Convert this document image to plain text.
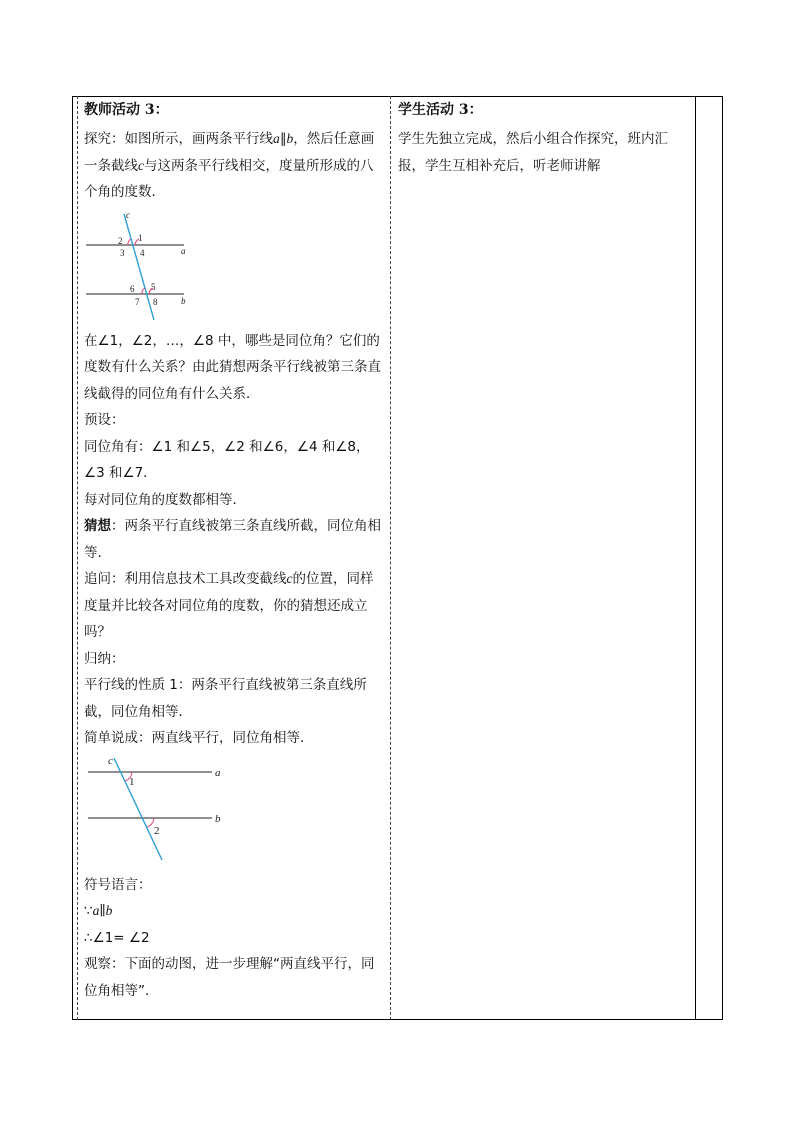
教师活动 3：

探究：如图所示，画两条平行线a∥b，然后任意画一条截线c与这两条平行线相交，度量所形成的八个角的度数．

c
a
b
1
2
3 4
5
6
7 8

在∠1，∠2，…，∠8 中，哪些是同位角？它们的度数有什么关系？由此猜想两条平行线被第三条直线截得的同位角有什么关系．

预设：

同位角有：∠1 和∠5，∠2 和∠6，∠4 和∠8，∠3 和∠7．

每对同位角的度数都相等．

猜想：两条平行直线被第三条直线所截，同位角相等．

追问：利用信息技术工具改变截线c的位置，同样度量并比较各对同位角的度数，你的猜想还成立吗？

归纳：

平行线的性质 1：两条平行直线被第三条直线所截，同位角相等．

简单说成：两直线平行，同位角相等．

c
a
b
1
2

符号语言：

∵a∥b

∴∠1= ∠2

观察：下面的动图，进一步理解“两直线平行，同位角相等”．

学生活动 3：

学生先独立完成，然后小组合作探究，班内汇报，学生互相补充后，听老师讲解
